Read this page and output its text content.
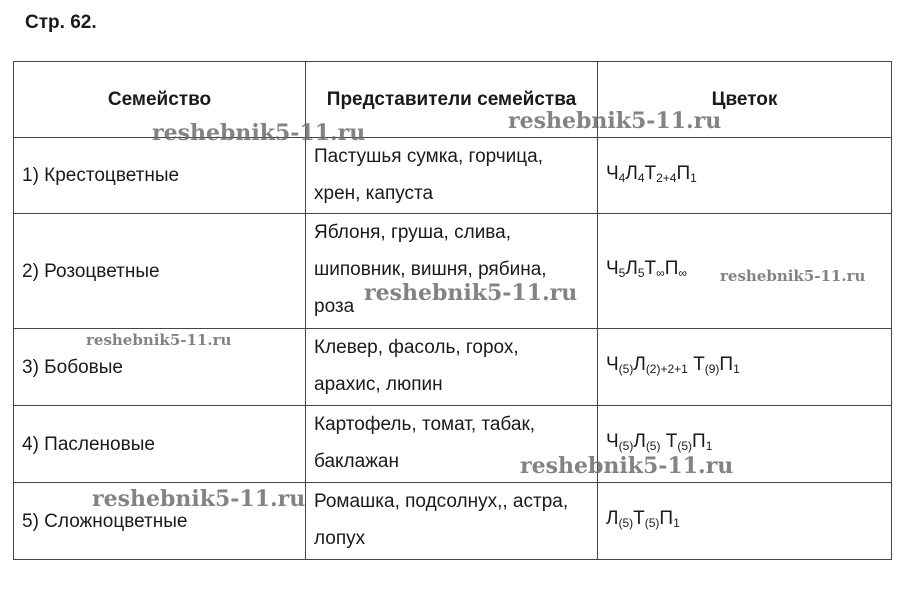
Стр. 62.
Семейство	Представители семейства	Цветок
1) Крестоцветные	Пастушья сумка, горчица, хрен, капуста	$Ч_4Л_4Т_{2+4}П_1$
2) Розоцветные	Яблоня, груша, слива, шиповник, вишня, рябина, роза	$Ч_5Л_5Т_\infty П_\infty$
3) Бобовые	Клевер, фасоль, горох, арахис, люпин	$Ч_{(5)}Л_{(2)+2+1}$ $Т_{(9)}П_1$
4) Пасленовые	Картофель, томат, табак, баклажан	$Ч_{(5)}Л_{(5)}$ $Т_{(5)}П_1$
5) Сложноцветные	Ромашка, подсолнух,, астра, лопух	$Л_{(5)}Т_{(5)}П_1$
reshebnik5-11.ru	reshebnik5-11.ru
reshebnik5-11.ru
reshebnik5-11.ru
reshebnik5-11.ru
reshebnik5-11.ru
reshebnik5-11.ru
